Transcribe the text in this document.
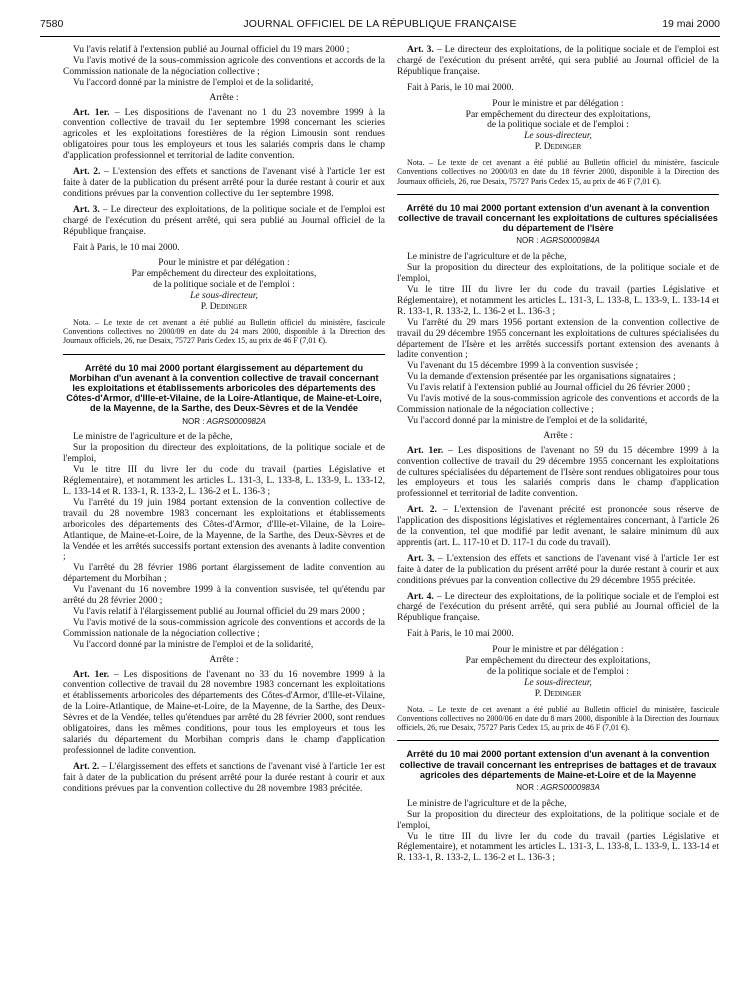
7580	JOURNAL OFFICIEL DE LA RÉPUBLIQUE FRANÇAISE	19 mai 2000

Vu l'avis relatif à l'extension publié au Journal officiel du 19 mars 2000 ;

Vu l'avis motivé de la sous-commission agricole des conventions et accords de la Commission nationale de la négociation collective ;

Vu l'accord donné par la ministre de l'emploi et de la solidarité,

Arrête :

Art. 1er. – Les dispositions de l'avenant no 1 du 23 novembre 1999 à la convention collective de travail du 1er septembre 1998 concernant les scieries agricoles et les exploitations forestières de la région Limousin sont rendues obligatoires pour tous les employeurs et tous les salariés compris dans le champ d'application professionnel et territorial de ladite convention.

Art. 2. – L'extension des effets et sanctions de l'avenant visé à l'article 1er est faite à dater de la publication du présent arrêté pour la durée restant à courir et aux conditions prévues par la convention collective du 1er septembre 1998.

Art. 3. – Le directeur des exploitations, de la politique sociale et de l'emploi est chargé de l'exécution du présent arrêté, qui sera publié au Journal officiel de la République française.

Fait à Paris, le 10 mai 2000.

Pour le ministre et par délégation :
Par empêchement du directeur des exploitations,
de la politique sociale et de l'emploi :
Le sous-directeur,
P. Dedinger

Nota. – Le texte de cet avenant a été publié au Bulletin officiel du ministère, fascicule Conventions collectives no 2000/09 en date du 24 mars 2000, disponible à la Direction des Journaux officiels, 26, rue Desaix, 75727 Paris Cedex 15, au prix de 46 F (7,01 €).

Arrêté du 10 mai 2000 portant élargissement au département du Morbihan d'un avenant à la convention collective de travail concernant les exploitations et établissements arboricoles des départements des Côtes-d'Armor, d'Ille-et-Vilaine, de la Loire-Atlantique, de Maine-et-Loire, de la Mayenne, de la Sarthe, des Deux-Sèvres et de la Vendée

NOR : AGRS0000982A

Le ministre de l'agriculture et de la pêche,

Sur la proposition du directeur des exploitations, de la politique sociale et de l'emploi,

Vu le titre III du livre Ier du code du travail (parties Législative et Réglementaire), et notamment les articles L. 131-3, L. 133-8, L. 133-9, L. 133-12, L. 133-14 et R. 133-1, R. 133-2, L. 136-2 et L. 136-3 ;

Vu l'arrêté du 19 juin 1984 portant extension de la convention collective de travail du 28 novembre 1983 concernant les exploitations et établissements arboricoles des départements des Côtes-d'Armor, d'Ille-et-Vilaine, de la Loire-Atlantique, de Maine-et-Loire, de la Mayenne, de la Sarthe, des Deux-Sèvres et de la Vendée et les arrêtés successifs portant extension des avenants à ladite convention ;

Vu l'arrêté du 28 février 1986 portant élargissement de ladite convention au département du Morbihan ;

Vu l'avenant du 16 novembre 1999 à la convention susvisée, tel qu'étendu par arrêté du 28 février 2000 ;

Vu l'avis relatif à l'élargissement publié au Journal officiel du 29 mars 2000 ;

Vu l'avis motivé de la sous-commission agricole des conventions et accords de la Commission nationale de la négociation collective ;

Vu l'accord donné par la ministre de l'emploi et de la solidarité,

Arrête :

Art. 1er. – Les dispositions de l'avenant no 33 du 16 novembre 1999 à la convention collective de travail du 28 novembre 1983 concernant les exploitations et établissements arboricoles des départements des Côtes-d'Armor, d'Ille-et-Vilaine, de la Loire-Atlantique, de Maine-et-Loire, de la Mayenne, de la Sarthe, des Deux-Sèvres et de la Vendée, telles qu'étendues par arrêté du 28 février 2000, sont rendues obligatoires, dans les mêmes conditions, pour tous les employeurs et tous les salariés du département du Morbihan compris dans le champ d'application professionnel de ladite convention.

Art. 2. – L'élargissement des effets et sanctions de l'avenant visé à l'article 1er est fait à dater de la publication du présent arrêté pour la durée restant à courir et aux conditions prévues par la convention collective du 28 novembre 1983 précitée.

Art. 3. – Le directeur des exploitations, de la politique sociale et de l'emploi est chargé de l'exécution du présent arrêté, qui sera publié au Journal officiel de la République française.

Fait à Paris, le 10 mai 2000.

Pour le ministre et par délégation :
Par empêchement du directeur des exploitations,
de la politique sociale et de l'emploi :
Le sous-directeur,
P. Dedinger

Nota. – Le texte de cet avenant a été publié au Bulletin officiel du ministère, fascicule Conventions collectives no 2000/03 en date du 18 février 2000, disponible à la Direction des Journaux officiels, 26, rue Desaix, 75727 Paris Cedex 15, au prix de 46 F (7,01 €).

Arrêté du 10 mai 2000 portant extension d'un avenant à la convention collective de travail concernant les exploitations de cultures spécialisées du département de l'Isère

NOR : AGRS0000984A

Le ministre de l'agriculture et de la pêche,

Sur la proposition du directeur des exploitations, de la politique sociale et de l'emploi,

Vu le titre III du livre Ier du code du travail (parties Législative et Réglementaire), et notamment les articles L. 131-3, L. 133-8, L. 133-9, L. 133-14 et R. 133-1, R. 133-2, L. 136-2 et L. 136-3 ;

Vu l'arrêté du 29 mars 1956 portant extension de la convention collective de travail du 29 décembre 1955 concernant les exploitations de cultures spécialisées du département de l'Isère et les arrêtés successifs portant extension des avenants à ladite convention ;

Vu l'avenant du 15 décembre 1999 à la convention susvisée ;

Vu la demande d'extension présentée par les organisations signataires ;

Vu l'avis relatif à l'extension publié au Journal officiel du 26 février 2000 ;

Vu l'avis motivé de la sous-commission agricole des conventions et accords de la Commission nationale de la négociation collective ;

Vu l'accord donné par la ministre de l'emploi et de la solidarité,

Arrête :

Art. 1er. – Les dispositions de l'avenant no 59 du 15 décembre 1999 à la convention collective de travail du 29 décembre 1955 concernant les exploitations de cultures spécialisées du département de l'Isère sont rendues obligatoires pour tous les employeurs et tous les salariés compris dans le champ d'application professionnel et territorial de ladite convention.

Art. 2. – L'extension de l'avenant précité est prononcée sous réserve de l'application des dispositions législatives et réglementaires concernant, à l'article 26 de la convention, tel que modifié par ledit avenant, le salaire minimum dû aux apprentis (art. L. 117-10 et D. 117-1 du code du travail).

Art. 3. – L'extension des effets et sanctions de l'avenant visé à l'article 1er est faite à dater de la publication du présent arrêté pour la durée restant à courir et aux conditions prévues par la convention collective du 29 décembre 1955 précitée.

Art. 4. – Le directeur des exploitations, de la politique sociale et de l'emploi est chargé de l'exécution du présent arrêté, qui sera publié au Journal officiel de la République française.

Fait à Paris, le 10 mai 2000.

Pour le ministre et par délégation :
Par empêchement du directeur des exploitations,
de la politique sociale et de l'emploi :
Le sous-directeur,
P. Dedinger

Nota. – Le texte de cet avenant a été publié au Bulletin officiel du ministère, fascicule Conventions collectives no 2000/06 en date du 8 mars 2000, disponible à la Direction des Journaux officiels, 26, rue Desaix, 75727 Paris Cedex 15, au prix de 46 F (7,01 €).

Arrêté du 10 mai 2000 portant extension d'un avenant à la convention collective de travail concernant les entreprises de battages et de travaux agricoles des départements de Maine-et-Loire et de la Mayenne

NOR : AGRS0000983A

Le ministre de l'agriculture et de la pêche,

Sur la proposition du directeur des exploitations, de la politique sociale et de l'emploi,

Vu le titre III du livre Ier du code du travail (parties Législative et Réglementaire), et notamment les articles L. 131-3, L. 133-8, L. 133-9, L. 133-14 et R. 133-1, R. 133-2, L. 136-2 et L. 136-3 ;
